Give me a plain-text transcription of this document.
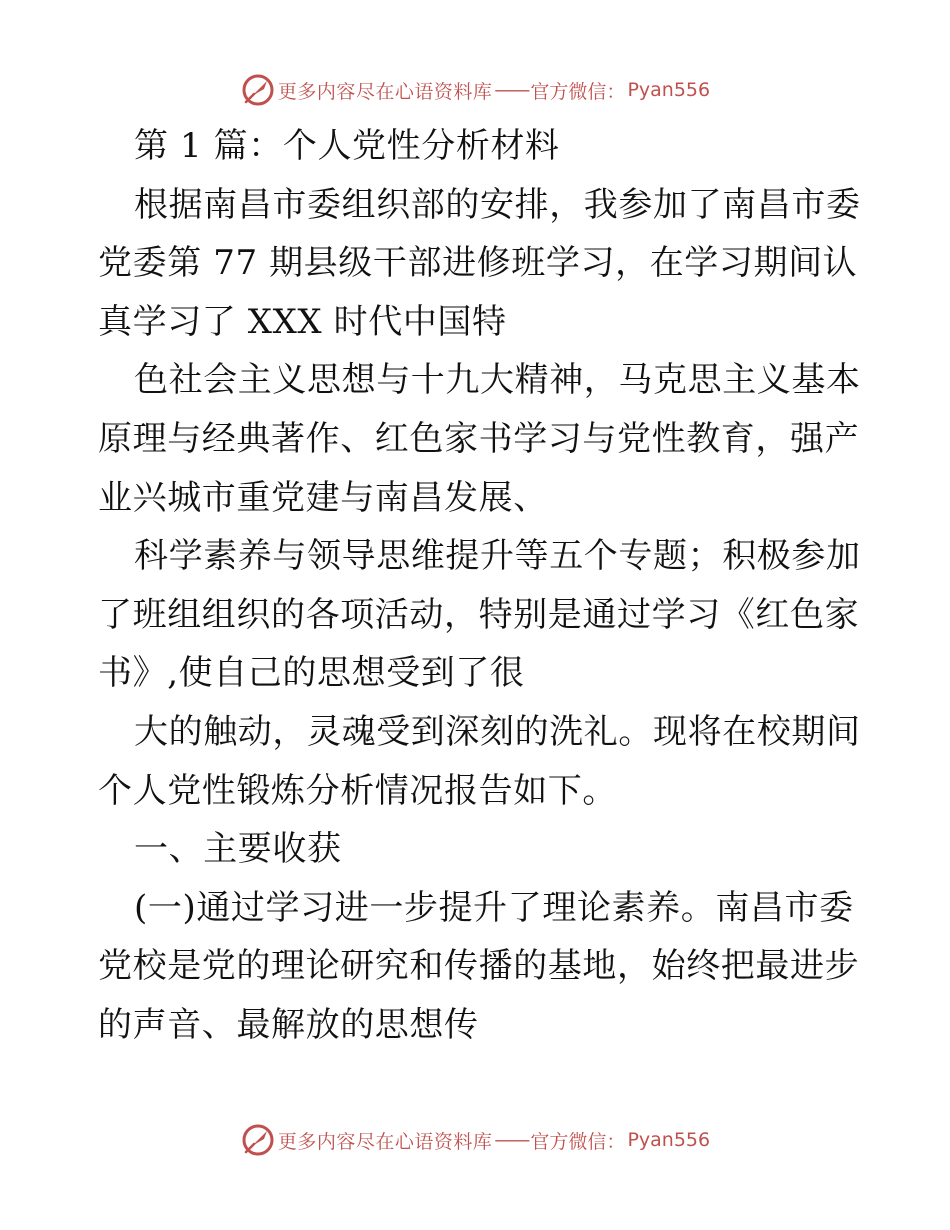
更多内容尽在心语资料库 —— 官方微信： Pyan556
第 1 篇：个人党性分析材料
根据南昌市委组织部的安排，我参加了南昌市委
党委第 77 期县级干部进修班学习，在学习期间认
真学习了 XXX 时代中国特
色社会主义思想与十九大精神，马克思主义基本
原理与经典著作、红色家书学习与党性教育，强产
业兴城市重党建与南昌发展、
科学素养与领导思维提升等五个专题；积极参加
了班组组织的各项活动，特别是通过学习《红色家
书》,使自己的思想受到了很
大的触动，灵魂受到深刻的洗礼。现将在校期间
个人党性锻炼分析情况报告如下。
一、主要收获
(一)通过学习进一步提升了理论素养。南昌市委
党校是党的理论研究和传播的基地，始终把最进步
的声音、最解放的思想传
更多内容尽在心语资料库 —— 官方微信： Pyan556
